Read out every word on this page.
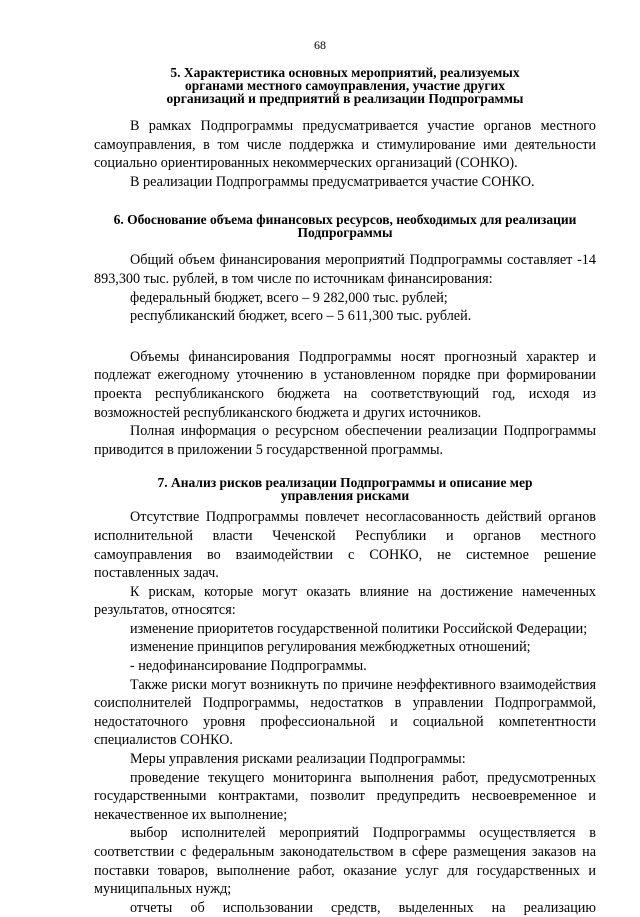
68
5. Характеристика основных мероприятий, реализуемых
органами местного самоуправления, участие других
организаций и предприятий в реализации Подпрограммы

В рамках Подпрограммы предусматривается участие органов местного самоуправления, в том числе поддержка и стимулирование ими деятельности социально ориентированных некоммерческих организаций (СОНКО).

В реализации Подпрограммы предусматривается участие СОНКО.

6. Обоснование объема финансовых ресурсов, необходимых для реализации
Подпрограммы

Общий объем финансирования мероприятий Подпрограммы составляет -14 893,300 тыс. рублей, в том числе по источникам финансирования:

федеральный бюджет, всего – 9 282,000 тыс. рублей;

республиканский бюджет, всего – 5 611,300 тыс. рублей.

Объемы финансирования Подпрограммы носят прогнозный характер и подлежат ежегодному уточнению в установленном порядке при формировании проекта республиканского бюджета на соответствующий год, исходя из возможностей республиканского бюджета и других источников.

Полная информация о ресурсном обеспечении реализации Подпрограммы приводится в приложении 5 государственной программы.

7. Анализ рисков реализации Подпрограммы и описание мер
управления рисками

Отсутствие Подпрограммы повлечет несогласованность действий органов исполнительной власти Чеченской Республики и органов местного самоуправления во взаимодействии с СОНКО, не системное решение поставленных задач.

К рискам, которые могут оказать влияние на достижение намеченных результатов, относятся:

изменение приоритетов государственной политики Российской Федерации;

изменение принципов регулирования межбюджетных отношений;

- недофинансирование Подпрограммы.

Также риски могут возникнуть по причине неэффективного взаимодействия соисполнителей Подпрограммы, недостатков в управлении Подпрограммой, недостаточного уровня профессиональной и социальной компетентности специалистов СОНКО.

Меры управления рисками реализации Подпрограммы:

проведение текущего мониторинга выполнения работ, предусмотренных государственными контрактами, позволит предупредить несвоевременное и некачественное их выполнение;

выбор исполнителей мероприятий Подпрограммы осуществляется в соответствии с федеральным законодательством в сфере размещения заказов на поставки товаров, выполнение работ, оказание услуг для государственных и муниципальных нужд;

отчеты об использовании средств, выделенных на реализацию
